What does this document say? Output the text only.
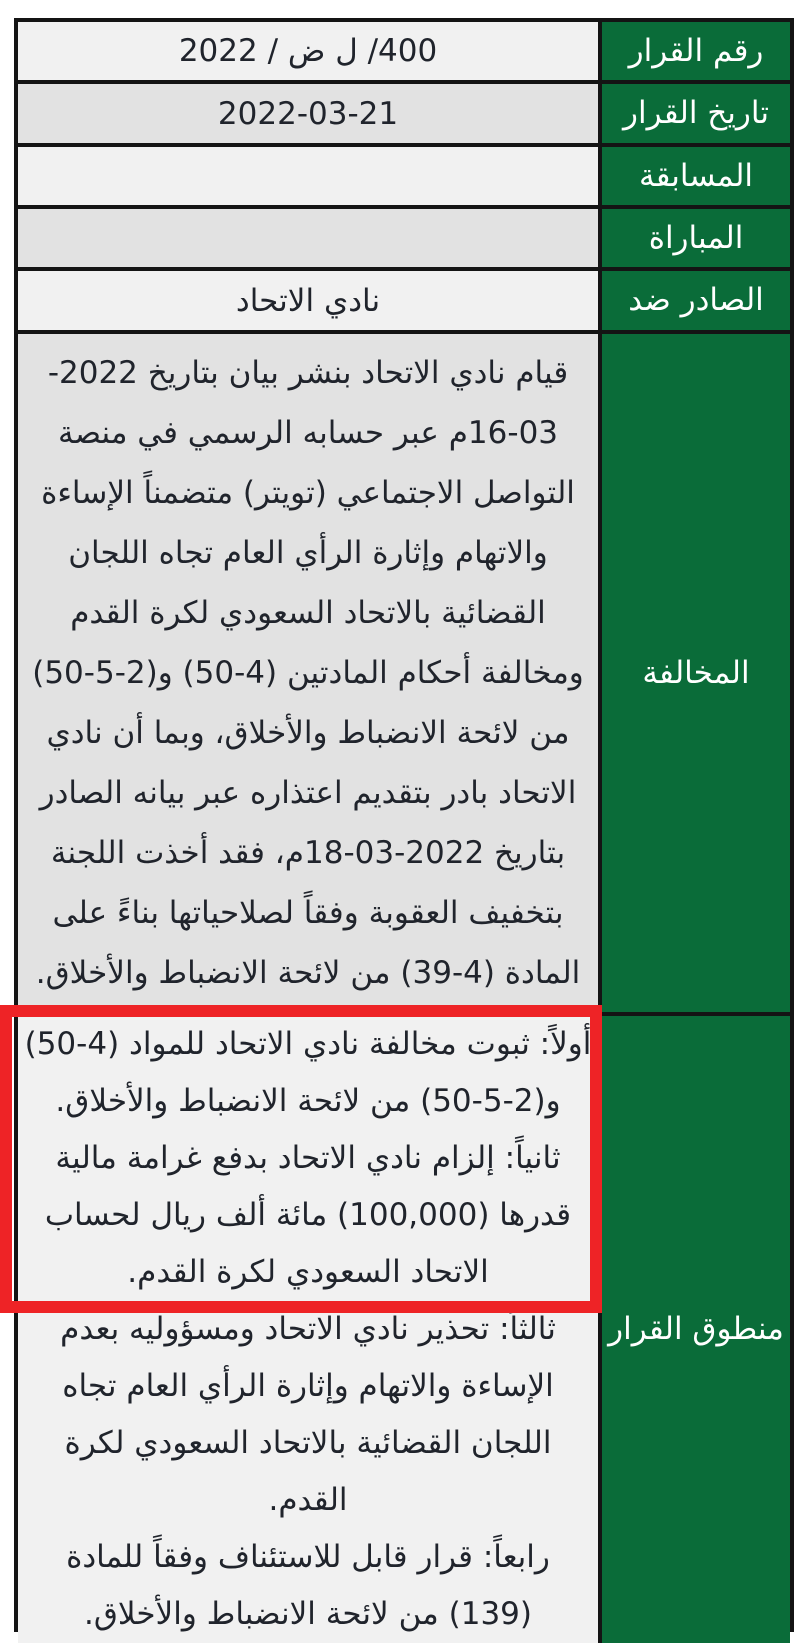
رقم القرار
400/ ل ض / 2022
تاريخ القرار
2022-03-21
المسابقة
المباراة
الصادر ضد
نادي الاتحاد
المخالفة
قيام نادي الاتحاد بنشر بيان بتاريخ 2022-03-16م عبر حسابه الرسمي في منصة التواصل الاجتماعي (تويتر) متضمناً الإساءة والاتهام وإثارة الرأي العام تجاه اللجان القضائية بالاتحاد السعودي لكرة القدم ومخالفة أحكام المادتين (4-50) و(2-5-50) من لائحة الانضباط والأخلاق، وبما أن نادي الاتحاد بادر بتقديم اعتذاره عبر بيانه الصادر بتاريخ 2022-03-18م، فقد أخذت اللجنة بتخفيف العقوبة وفقاً لصلاحياتها بناءً على المادة (4-39) من لائحة الانضباط والأخلاق.
منطوق القرار

أولاً: ثبوت مخالفة نادي الاتحاد للمواد (4-50) و(2-5-50) من لائحة الانضباط والأخلاق.

ثانياً: إلزام نادي الاتحاد بدفع غرامة مالية قدرها (100,000) مائة ألف ريال لحساب الاتحاد السعودي لكرة القدم.

ثالثاً: تحذير نادي الاتحاد ومسؤوليه بعدم الإساءة والاتهام وإثارة الرأي العام تجاه اللجان القضائية بالاتحاد السعودي لكرة القدم.

رابعاً: قرار قابل للاستئناف وفقاً للمادة (139) من لائحة الانضباط والأخلاق.
